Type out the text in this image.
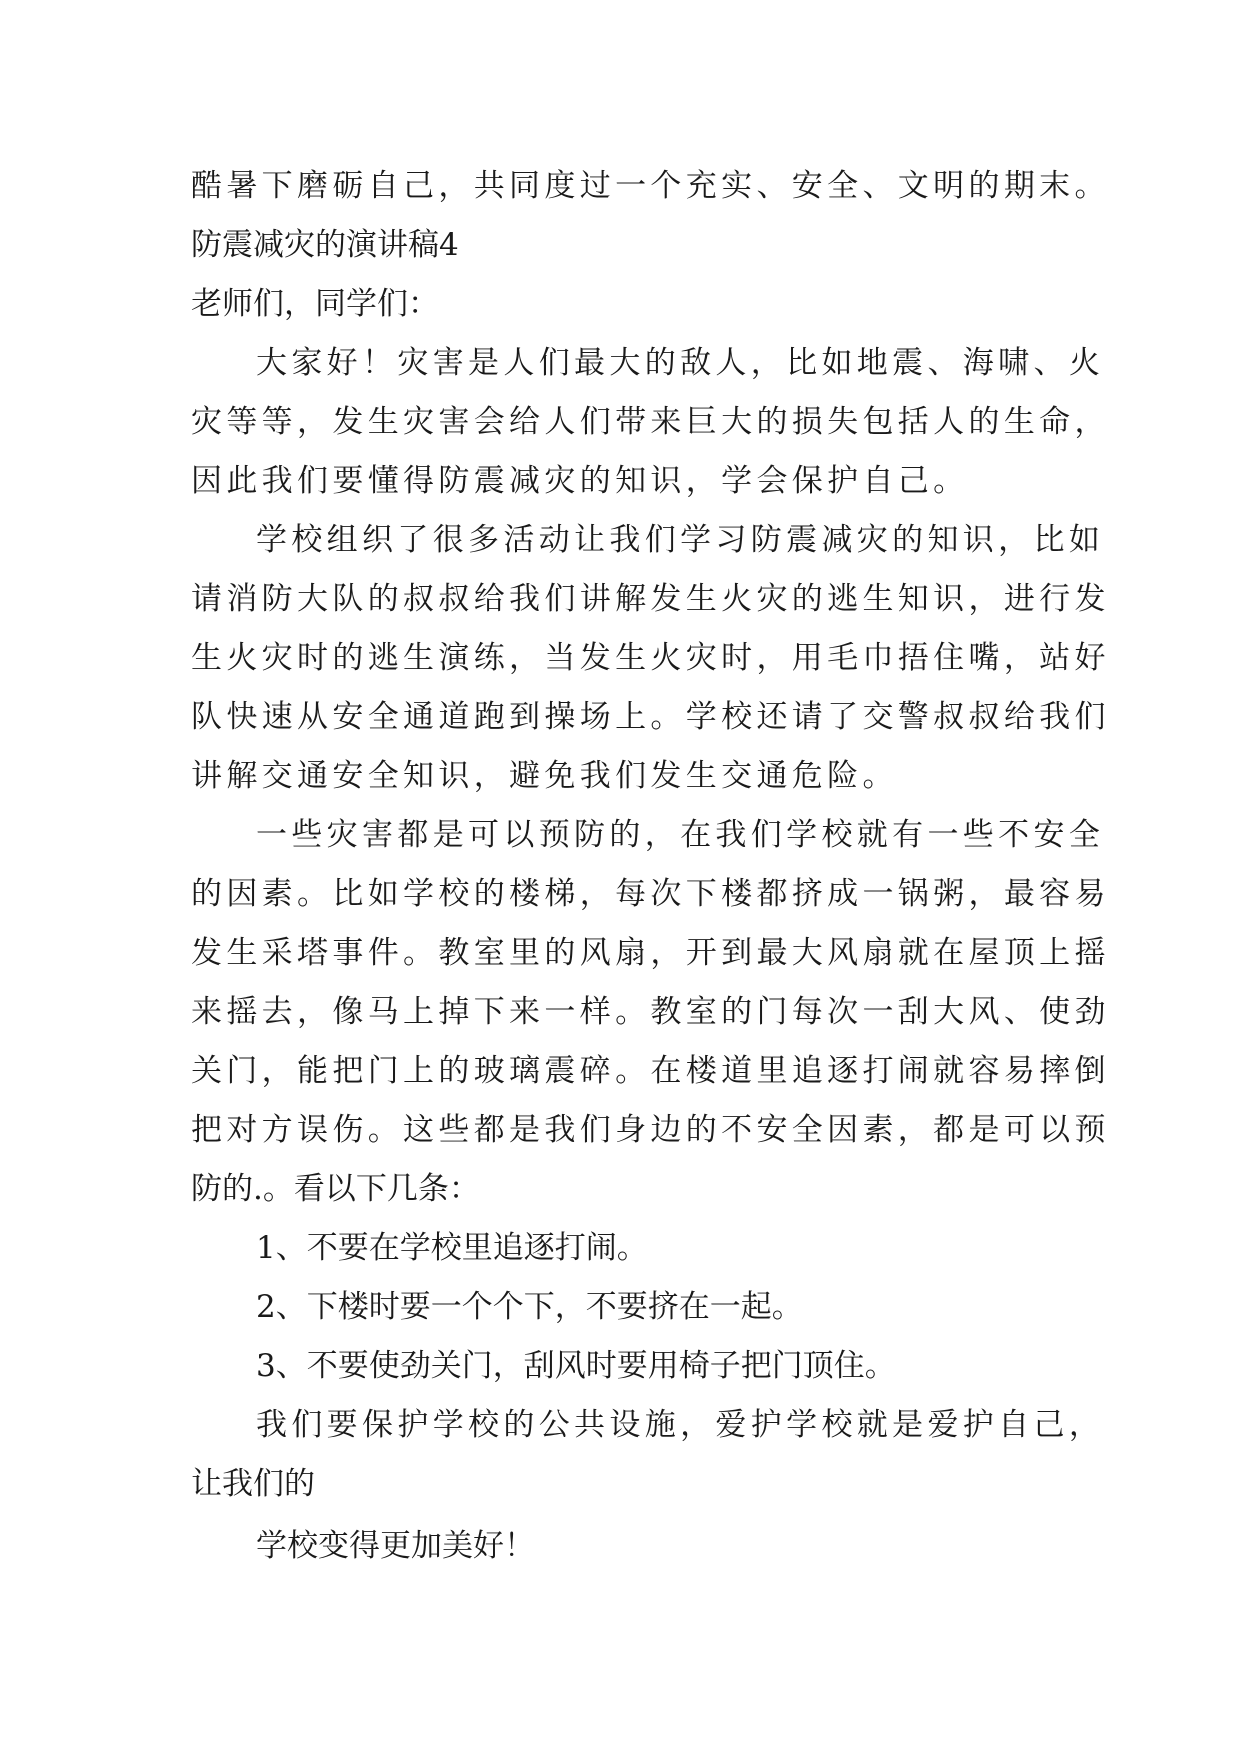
酷暑下磨砺自己，共同度过一个充实、安全、文明的期末。
防震减灾的演讲稿4
老师们，同学们：
大家好！灾害是人们最大的敌人，比如地震、海啸、火
灾等等，发生灾害会给人们带来巨大的损失包括人的生命，
因此我们要懂得防震减灾的知识，学会保护自己。
学校组织了很多活动让我们学习防震减灾的知识，比如
请消防大队的叔叔给我们讲解发生火灾的逃生知识，进行发
生火灾时的逃生演练，当发生火灾时，用毛巾捂住嘴，站好
队快速从安全通道跑到操场上。学校还请了交警叔叔给我们
讲解交通安全知识，避免我们发生交通危险。
一些灾害都是可以预防的，在我们学校就有一些不安全
的因素。比如学校的楼梯，每次下楼都挤成一锅粥，最容易
发生采塔事件。教室里的风扇，开到最大风扇就在屋顶上摇
来摇去，像马上掉下来一样。教室的门每次一刮大风、使劲
关门，能把门上的玻璃震碎。在楼道里追逐打闹就容易摔倒
把对方误伤。这些都是我们身边的不安全因素，都是可以预
防的.。看以下几条：
1、不要在学校里追逐打闹。
2、下楼时要一个个下，不要挤在一起。
3、不要使劲关门，刮风时要用椅子把门顶住。
我们要保护学校的公共设施，爱护学校就是爱护自己，
让我们的
学校变得更加美好！
